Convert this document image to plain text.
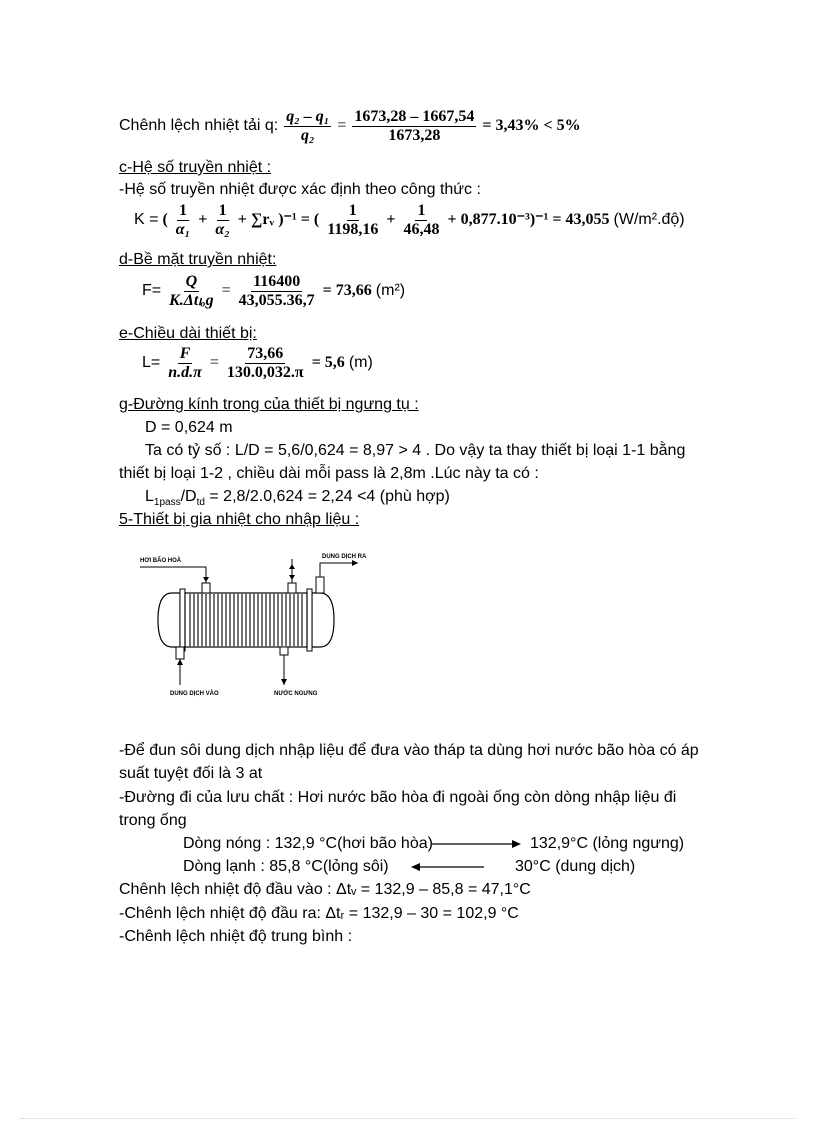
Chênh lệch nhiệt tải q: $\frac{\text{q₂ – q₁}}{\text{q₂}} = \frac{1673,28 - 1667,54}{1673,28} = 3,43\% < 5\%$
c-Hệ số truyền nhiệt :
-Hệ số truyền nhiệt được xác định theo công thức :
K = ( $\frac{1}{\text{α₁}} + \frac{1}{\text{α₂}}$ + ∑rᵥ )⁻¹ = ( $\frac{1}{1198,16} + \frac{1}{46,48} + 0,877.10^{-3})^{-1} = 43,055$ (W/m².độ)
d-Bề mặt truyền nhiệt:
$F= \frac{Q}{\text{K.Δtₗₒg}} = \frac{116400}{43,055.36,7} = 73,66$ (m²)
e-Chiều dài thiết bị:
$L= \frac{F}{n.d.\pi} = \frac{73,66}{130.0,032.\pi} = 5,6$ (m)
g-Đường kính trong của thiết bị ngưng tụ :
D = 0,624 m
Ta có tỷ số : L/D = 5,6/0,624 = 8,97 > 4 . Do vậy ta thay thiết bị loại 1-1 bằng
thiết bị loại 1-2 , chiều dài mỗi pass là 2,8m .Lúc này ta có :
$L_{1pass}/D_{td} = 2,8/2.0,624 = 2,24 <4$ (phù hợp)
5-Thiết bị gia nhiệt cho nhập liệu :
HƠI BÃO HOÀ
DUNG DỊCH RA
DUNG DỊCH VÀO	NƯỚC NGƯNG
-Để đun sôi dung dịch nhập liệu để đưa vào tháp ta dùng hơi nước bão hòa có áp
suất tuyệt đối là 3 at
-Đường đi của lưu chất : Hơi nước bão hòa đi ngoài ống còn dòng nhập liệu đi
trong ống
Dòng nóng : 132,9 °C(hơi bão hòa)	132,9°C (lỏng ngưng)
Dòng lạnh : 85,8 °C(lỏng sôi)	30°C (dung dịch)
Chênh lệch nhiệt độ đầu vào : Δtᵥ = 132,9 – 85,8 = 47,1°C
-Chênh lệch nhiệt độ đầu ra: Δtᵣ = 132,9 – 30 = 102,9 °C
-Chênh lệch nhiệt độ trung bình :
